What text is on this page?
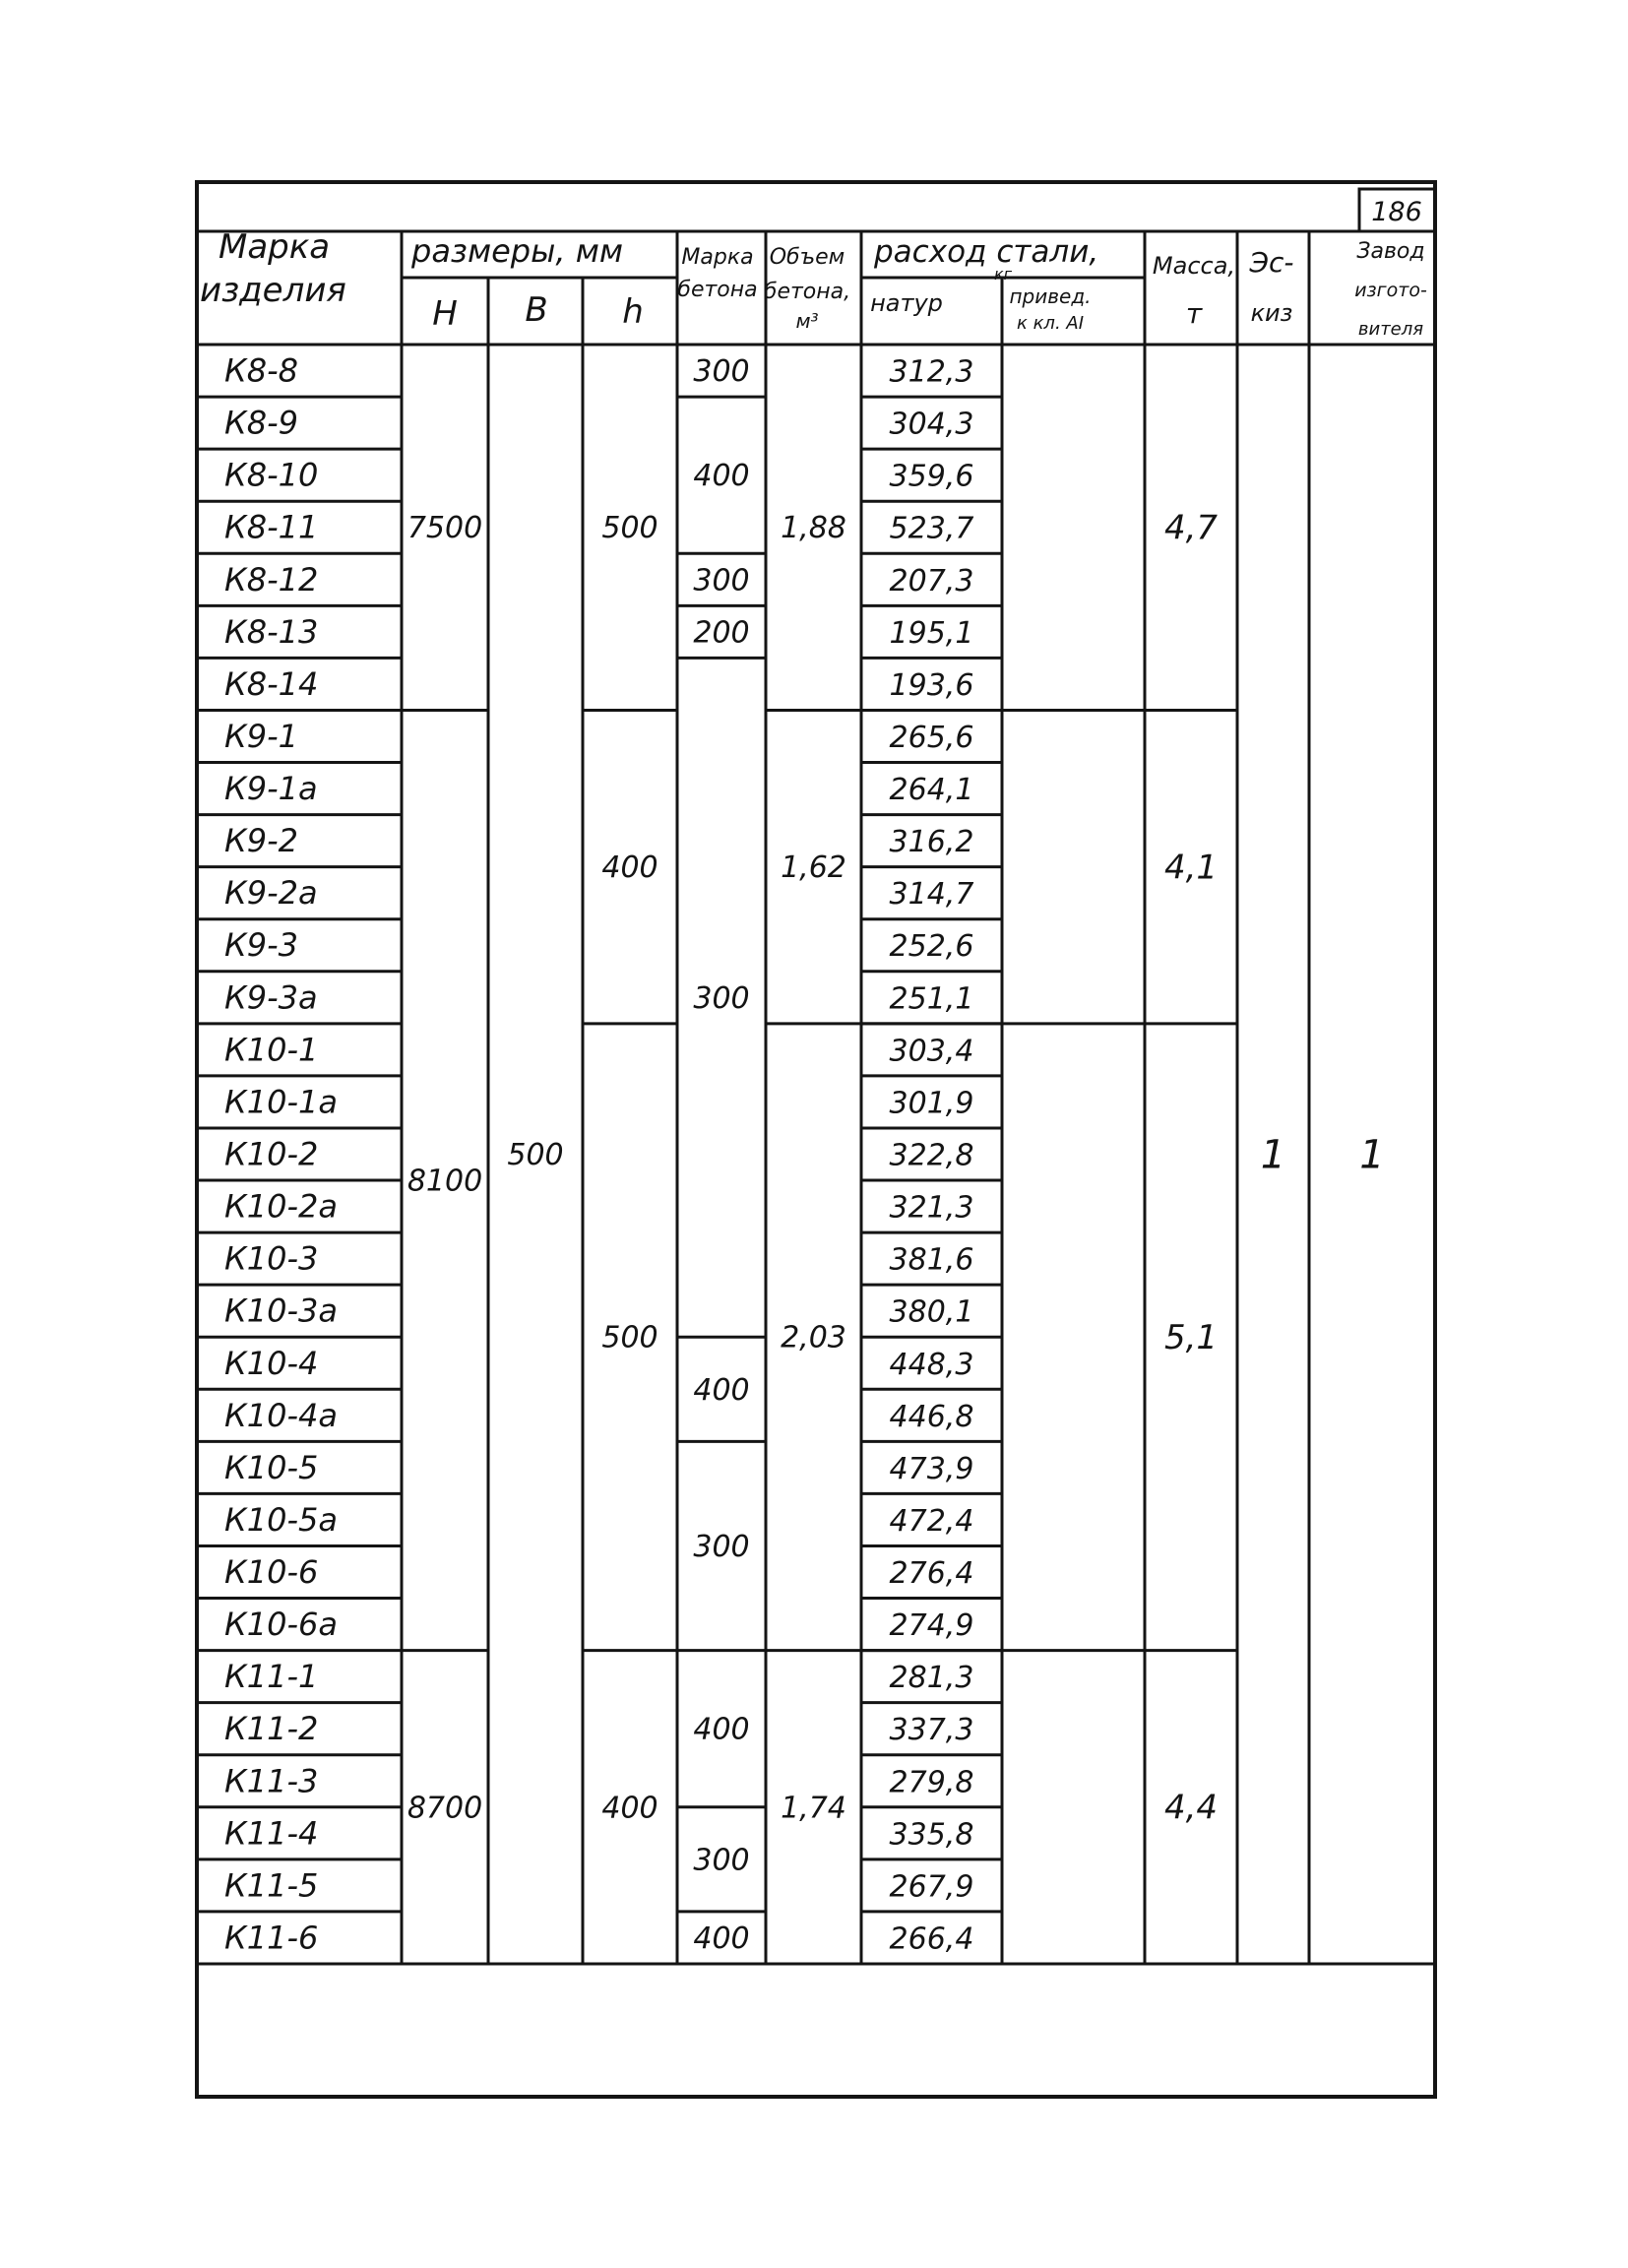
186
Марка
изделия
размеры, мм
Н В h
Марка
бетона
Объем
бетона,
м³
расход стали,
кг
натур	привед.
к кл. АI
Масса,
т
Эс-
киз
Завод
изгото-
вителя
К8-8
К8-9
К8-10
К8-11
К8-12
К8-13
К8-14
К9-1
К9-1а
К9-2
К9-2а
К9-3
К9-3а
К10-1
К10-1а
К10-2
К10-2а
К10-3
К10-3а
К10-4
К10-4а
К10-5
К10-5а
К10-6
К10-6а
К11-1
К11-2
К11-3
К11-4
К11-5
К11-6
312,3
304,3
359,6
523,7
207,3
195,1
193,6
265,6
264,1
316,2
314,7
252,6
251,1
303,4
301,9
322,8
321,3
381,6
380,1
448,3
446,8
473,9
472,4
276,4
274,9
281,3
337,3
279,8
335,8
267,9
266,4
7500
8100
8700
500
500
400
500
400
300
400
300
200
300
400
300
400
300
400
1,88
1,62
2,03
1,74
4,7
4,1
5,1
4,4
1 1
